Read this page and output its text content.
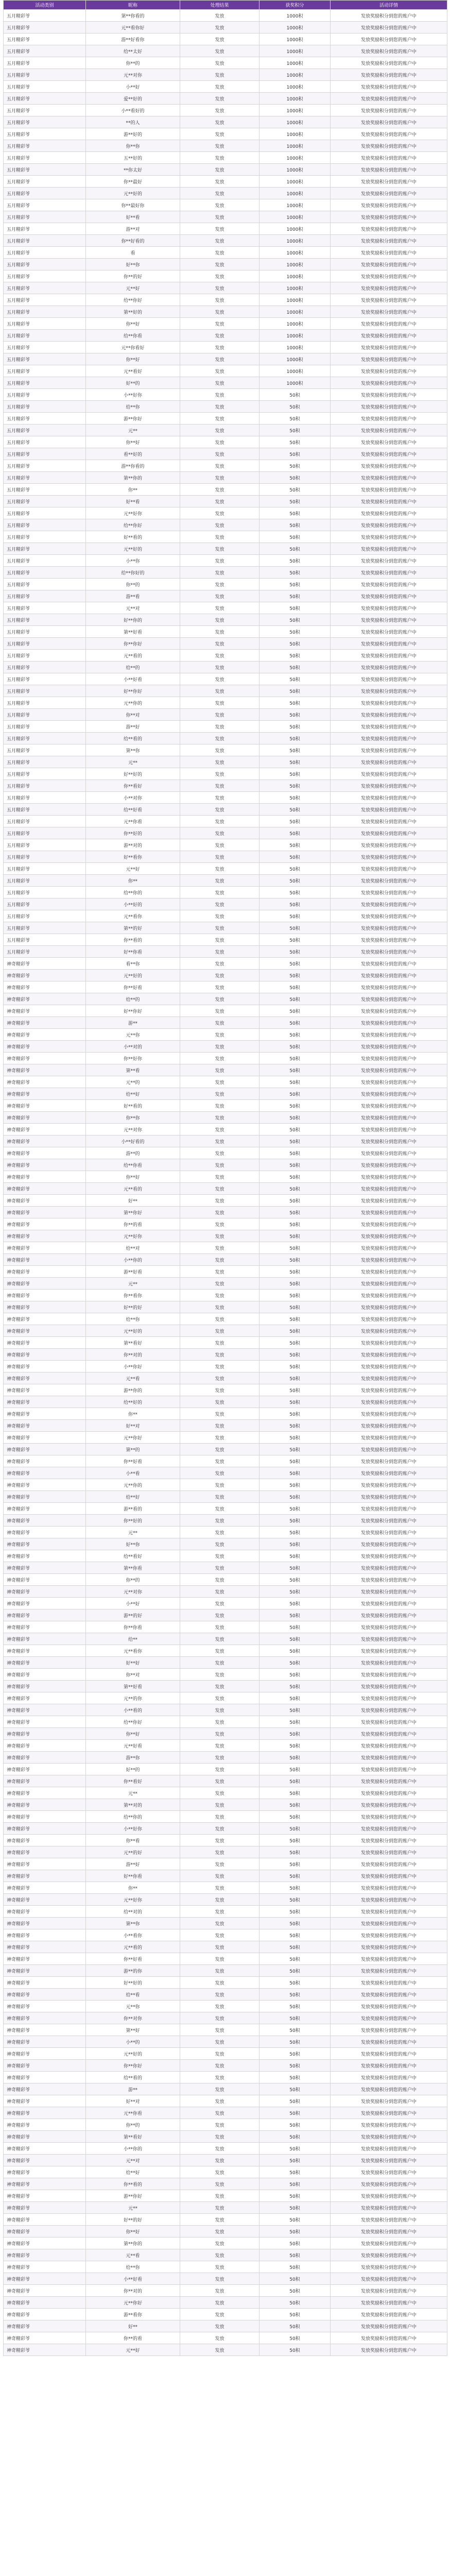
活动类别	昵称	处理结果	获奖积分	活动详情
五月精彩爷	第**你看的	发放	1000积	发放奖励积分到您的账户中
五月精彩爷	元**看你好	发放	1000积	发放奖励积分到您的账户中
五月精彩爷	游**好看你	发放	1000积	发放奖励积分到您的账户中
五月精彩爷	给**太好	发放	1000积	发放奖励积分到您的账户中
五月精彩爷	你**的	发放	1000积	发放奖励积分到您的账户中
五月精彩爷	元**对你	发放	1000积	发放奖励积分到您的账户中
五月精彩爷	小**好	发放	1000积	发放奖励积分到您的账户中
五月精彩爷	爱**好的	发放	1000积	发放奖励积分到您的账户中
五月精彩爷	小**看好的	发放	1000积	发放奖励积分到您的账户中
五月精彩爷	**的人	发放	1000积	发放奖励积分到您的账户中
五月精彩爷	游**好的	发放	1000积	发放奖励积分到您的账户中
五月精彩爷	你**你	发放	1000积	发放奖励积分到您的账户中
五月精彩爷	五**好的	发放	1000积	发放奖励积分到您的账户中
五月精彩爷	**你太好	发放	1000积	发放奖励积分到您的账户中
五月精彩爷	你**最好	发放	1000积	发放奖励积分到您的账户中
五月精彩爷	元**好的	发放	1000积	发放奖励积分到您的账户中
五月精彩爷	你**最好你	发放	1000积	发放奖励积分到您的账户中
五月精彩爷	好**看	发放	1000积	发放奖励积分到您的账户中
五月精彩爷	游**对	发放	1000积	发放奖励积分到您的账户中
五月精彩爷	你**好看的	发放	1000积	发放奖励积分到您的账户中
五月精彩爷	看	发放	1000积	发放奖励积分到您的账户中
五月精彩爷	好**你	发放	1000积	发放奖励积分到您的账户中
五月精彩爷	你**的好	发放	1000积	发放奖励积分到您的账户中
五月精彩爷	元**好	发放	1000积	发放奖励积分到您的账户中
五月精彩爷	给**你好	发放	1000积	发放奖励积分到您的账户中
五月精彩爷	第**好的	发放	1000积	发放奖励积分到您的账户中
五月精彩爷	你**好	发放	1000积	发放奖励积分到您的账户中
五月精彩爷	给**你看	发放	1000积	发放奖励积分到您的账户中
五月精彩爷	元**你看好	发放	1000积	发放奖励积分到您的账户中
五月精彩爷	你**好	发放	1000积	发放奖励积分到您的账户中
五月精彩爷	元**看好	发放	1000积	发放奖励积分到您的账户中
五月精彩爷	好**的	发放	1000积	发放奖励积分到您的账户中
五月精彩爷	小**好你	发放	50积	发放奖励积分到您的账户中
五月精彩爷	给**你	发放	50积	发放奖励积分到您的账户中
五月精彩爷	游**你好	发放	50积	发放奖励积分到您的账户中
五月精彩爷	元**	发放	50积	发放奖励积分到您的账户中
五月精彩爷	你**好	发放	50积	发放奖励积分到您的账户中
五月精彩爷	看**好的	发放	50积	发放奖励积分到您的账户中
五月精彩爷	游**你看的	发放	50积	发放奖励积分到您的账户中
五月精彩爷	第**你的	发放	50积	发放奖励积分到您的账户中
五月精彩爷	你**	发放	50积	发放奖励积分到您的账户中
五月精彩爷	好**看	发放	50积	发放奖励积分到您的账户中
五月精彩爷	元**好你	发放	50积	发放奖励积分到您的账户中
五月精彩爷	给**你好	发放	50积	发放奖励积分到您的账户中
五月精彩爷	好**看的	发放	50积	发放奖励积分到您的账户中
五月精彩爷	元**好的	发放	50积	发放奖励积分到您的账户中
五月精彩爷	小**你	发放	50积	发放奖励积分到您的账户中
五月精彩爷	给**你好的	发放	50积	发放奖励积分到您的账户中
五月精彩爷	你**的	发放	50积	发放奖励积分到您的账户中
五月精彩爷	游**看	发放	50积	发放奖励积分到您的账户中
五月精彩爷	元**对	发放	50积	发放奖励积分到您的账户中
五月精彩爷	好**你的	发放	50积	发放奖励积分到您的账户中
五月精彩爷	第**好看	发放	50积	发放奖励积分到您的账户中
五月精彩爷	你**你好	发放	50积	发放奖励积分到您的账户中
五月精彩爷	元**看的	发放	50积	发放奖励积分到您的账户中
五月精彩爷	给**的	发放	50积	发放奖励积分到您的账户中
五月精彩爷	小**好看	发放	50积	发放奖励积分到您的账户中
五月精彩爷	好**你好	发放	50积	发放奖励积分到您的账户中
五月精彩爷	元**你的	发放	50积	发放奖励积分到您的账户中
五月精彩爷	你**对	发放	50积	发放奖励积分到您的账户中
五月精彩爷	游**好	发放	50积	发放奖励积分到您的账户中
五月精彩爷	给**看的	发放	50积	发放奖励积分到您的账户中
五月精彩爷	第**你	发放	50积	发放奖励积分到您的账户中
五月精彩爷	元**	发放	50积	发放奖励积分到您的账户中
五月精彩爷	好**好的	发放	50积	发放奖励积分到您的账户中
五月精彩爷	你**看好	发放	50积	发放奖励积分到您的账户中
五月精彩爷	小**对你	发放	50积	发放奖励积分到您的账户中
五月精彩爷	给**好看	发放	50积	发放奖励积分到您的账户中
五月精彩爷	元**你看	发放	50积	发放奖励积分到您的账户中
五月精彩爷	你**好的	发放	50积	发放奖励积分到您的账户中
五月精彩爷	游**对的	发放	50积	发放奖励积分到您的账户中
五月精彩爷	好**看你	发放	50积	发放奖励积分到您的账户中
五月精彩爷	元**好	发放	50积	发放奖励积分到您的账户中
五月精彩爷	你**	发放	50积	发放奖励积分到您的账户中
五月精彩爷	给**你的	发放	50积	发放奖励积分到您的账户中
五月精彩爷	小**好的	发放	50积	发放奖励积分到您的账户中
五月精彩爷	元**看你	发放	50积	发放奖励积分到您的账户中
五月精彩爷	第**的好	发放	50积	发放奖励积分到您的账户中
五月精彩爷	你**看的	发放	50积	发放奖励积分到您的账户中
五月精彩爷	好**你看	发放	50积	发放奖励积分到您的账户中
神奇精彩爷	看**你	发放	50积	发放奖励积分到您的账户中
神奇精彩爷	元**好的	发放	50积	发放奖励积分到您的账户中
神奇精彩爷	你**好看	发放	50积	发放奖励积分到您的账户中
神奇精彩爷	给**的	发放	50积	发放奖励积分到您的账户中
神奇精彩爷	好**你好	发放	50积	发放奖励积分到您的账户中
神奇精彩爷	游**	发放	50积	发放奖励积分到您的账户中
神奇精彩爷	元**你	发放	50积	发放奖励积分到您的账户中
神奇精彩爷	小**对的	发放	50积	发放奖励积分到您的账户中
神奇精彩爷	你**好你	发放	50积	发放奖励积分到您的账户中
神奇精彩爷	第**看	发放	50积	发放奖励积分到您的账户中
神奇精彩爷	元**的	发放	50积	发放奖励积分到您的账户中
神奇精彩爷	给**好	发放	50积	发放奖励积分到您的账户中
神奇精彩爷	好**看的	发放	50积	发放奖励积分到您的账户中
神奇精彩爷	你**你	发放	50积	发放奖励积分到您的账户中
神奇精彩爷	元**对你	发放	50积	发放奖励积分到您的账户中
神奇精彩爷	小**好看的	发放	50积	发放奖励积分到您的账户中
神奇精彩爷	游**的	发放	50积	发放奖励积分到您的账户中
神奇精彩爷	给**你看	发放	50积	发放奖励积分到您的账户中
神奇精彩爷	你**好	发放	50积	发放奖励积分到您的账户中
神奇精彩爷	元**看的	发放	50积	发放奖励积分到您的账户中
神奇精彩爷	好**	发放	50积	发放奖励积分到您的账户中
神奇精彩爷	第**你好	发放	50积	发放奖励积分到您的账户中
神奇精彩爷	你**的看	发放	50积	发放奖励积分到您的账户中
神奇精彩爷	元**好你	发放	50积	发放奖励积分到您的账户中
神奇精彩爷	给**对	发放	50积	发放奖励积分到您的账户中
神奇精彩爷	小**你的	发放	50积	发放奖励积分到您的账户中
神奇精彩爷	游**好看	发放	50积	发放奖励积分到您的账户中
神奇精彩爷	元**	发放	50积	发放奖励积分到您的账户中
神奇精彩爷	你**看你	发放	50积	发放奖励积分到您的账户中
神奇精彩爷	好**的好	发放	50积	发放奖励积分到您的账户中
神奇精彩爷	给**你	发放	50积	发放奖励积分到您的账户中
神奇精彩爷	元**好的	发放	50积	发放奖励积分到您的账户中
神奇精彩爷	第**看好	发放	50积	发放奖励积分到您的账户中
神奇精彩爷	你**对的	发放	50积	发放奖励积分到您的账户中
神奇精彩爷	小**你好	发放	50积	发放奖励积分到您的账户中
神奇精彩爷	元**看	发放	50积	发放奖励积分到您的账户中
神奇精彩爷	游**你的	发放	50积	发放奖励积分到您的账户中
神奇精彩爷	给**好的	发放	50积	发放奖励积分到您的账户中
神奇精彩爷	你**	发放	50积	发放奖励积分到您的账户中
神奇精彩爷	好**对	发放	50积	发放奖励积分到您的账户中
神奇精彩爷	元**你好	发放	50积	发放奖励积分到您的账户中
神奇精彩爷	第**的	发放	50积	发放奖励积分到您的账户中
神奇精彩爷	你**好看	发放	50积	发放奖励积分到您的账户中
神奇精彩爷	小**看	发放	50积	发放奖励积分到您的账户中
神奇精彩爷	元**你的	发放	50积	发放奖励积分到您的账户中
神奇精彩爷	给**好	发放	50积	发放奖励积分到您的账户中
神奇精彩爷	游**看的	发放	50积	发放奖励积分到您的账户中
神奇精彩爷	你**好的	发放	50积	发放奖励积分到您的账户中
神奇精彩爷	元**	发放	50积	发放奖励积分到您的账户中
神奇精彩爷	好**你	发放	50积	发放奖励积分到您的账户中
神奇精彩爷	给**看好	发放	50积	发放奖励积分到您的账户中
神奇精彩爷	第**你看	发放	50积	发放奖励积分到您的账户中
神奇精彩爷	你**的	发放	50积	发放奖励积分到您的账户中
神奇精彩爷	元**对你	发放	50积	发放奖励积分到您的账户中
神奇精彩爷	小**好	发放	50积	发放奖励积分到您的账户中
神奇精彩爷	游**的好	发放	50积	发放奖励积分到您的账户中
神奇精彩爷	你**你看	发放	50积	发放奖励积分到您的账户中
神奇精彩爷	给**	发放	50积	发放奖励积分到您的账户中
神奇精彩爷	元**看你	发放	50积	发放奖励积分到您的账户中
神奇精彩爷	好**好	发放	50积	发放奖励积分到您的账户中
神奇精彩爷	你**对	发放	50积	发放奖励积分到您的账户中
神奇精彩爷	第**好看	发放	50积	发放奖励积分到您的账户中
神奇精彩爷	元**的你	发放	50积	发放奖励积分到您的账户中
神奇精彩爷	小**看的	发放	50积	发放奖励积分到您的账户中
神奇精彩爷	给**你好	发放	50积	发放奖励积分到您的账户中
神奇精彩爷	你**好	发放	50积	发放奖励积分到您的账户中
神奇精彩爷	元**好看	发放	50积	发放奖励积分到您的账户中
神奇精彩爷	游**你	发放	50积	发放奖励积分到您的账户中
神奇精彩爷	好**的	发放	50积	发放奖励积分到您的账户中
神奇精彩爷	你**看好	发放	50积	发放奖励积分到您的账户中
神奇精彩爷	元**	发放	50积	发放奖励积分到您的账户中
神奇精彩爷	第**对的	发放	50积	发放奖励积分到您的账户中
神奇精彩爷	给**你的	发放	50积	发放奖励积分到您的账户中
神奇精彩爷	小**好你	发放	50积	发放奖励积分到您的账户中
神奇精彩爷	你**看	发放	50积	发放奖励积分到您的账户中
神奇精彩爷	元**的好	发放	50积	发放奖励积分到您的账户中
神奇精彩爷	游**好	发放	50积	发放奖励积分到您的账户中
神奇精彩爷	好**你看	发放	50积	发放奖励积分到您的账户中
神奇精彩爷	你**	发放	50积	发放奖励积分到您的账户中
神奇精彩爷	元**好你	发放	50积	发放奖励积分到您的账户中
神奇精彩爷	给**对的	发放	50积	发放奖励积分到您的账户中
神奇精彩爷	第**你	发放	50积	发放奖励积分到您的账户中
神奇精彩爷	小**看你	发放	50积	发放奖励积分到您的账户中
神奇精彩爷	元**看的	发放	50积	发放奖励积分到您的账户中
神奇精彩爷	你**好看	发放	50积	发放奖励积分到您的账户中
神奇精彩爷	游**的你	发放	50积	发放奖励积分到您的账户中
神奇精彩爷	好**好的	发放	50积	发放奖励积分到您的账户中
神奇精彩爷	给**看	发放	50积	发放奖励积分到您的账户中
神奇精彩爷	元**你	发放	50积	发放奖励积分到您的账户中
神奇精彩爷	你**对你	发放	50积	发放奖励积分到您的账户中
神奇精彩爷	第**好	发放	50积	发放奖励积分到您的账户中
神奇精彩爷	小**的	发放	50积	发放奖励积分到您的账户中
神奇精彩爷	元**好的	发放	50积	发放奖励积分到您的账户中
神奇精彩爷	你**你好	发放	50积	发放奖励积分到您的账户中
神奇精彩爷	给**看的	发放	50积	发放奖励积分到您的账户中
神奇精彩爷	游**	发放	50积	发放奖励积分到您的账户中
神奇精彩爷	好**对	发放	50积	发放奖励积分到您的账户中
神奇精彩爷	元**你看	发放	50积	发放奖励积分到您的账户中
神奇精彩爷	你**的	发放	50积	发放奖励积分到您的账户中
神奇精彩爷	第**看好	发放	50积	发放奖励积分到您的账户中
神奇精彩爷	小**你的	发放	50积	发放奖励积分到您的账户中
神奇精彩爷	元**对	发放	50积	发放奖励积分到您的账户中
神奇精彩爷	给**好	发放	50积	发放奖励积分到您的账户中
神奇精彩爷	你**看的	发放	50积	发放奖励积分到您的账户中
神奇精彩爷	游**你好	发放	50积	发放奖励积分到您的账户中
神奇精彩爷	元**	发放	50积	发放奖励积分到您的账户中
神奇精彩爷	好**的好	发放	50积	发放奖励积分到您的账户中
神奇精彩爷	你**好	发放	50积	发放奖励积分到您的账户中
神奇精彩爷	第**你的	发放	50积	发放奖励积分到您的账户中
神奇精彩爷	元**看	发放	50积	发放奖励积分到您的账户中
神奇精彩爷	给**你	发放	50积	发放奖励积分到您的账户中
神奇精彩爷	小**好看	发放	50积	发放奖励积分到您的账户中
神奇精彩爷	你**对的	发放	50积	发放奖励积分到您的账户中
神奇精彩爷	元**你好	发放	50积	发放奖励积分到您的账户中
神奇精彩爷	游**看你	发放	50积	发放奖励积分到您的账户中
神奇精彩爷	好**	发放	50积	发放奖励积分到您的账户中
神奇精彩爷	你**的看	发放	50积	发放奖励积分到您的账户中
神奇精彩爷	元**好	发放	50积	发放奖励积分到您的账户中
